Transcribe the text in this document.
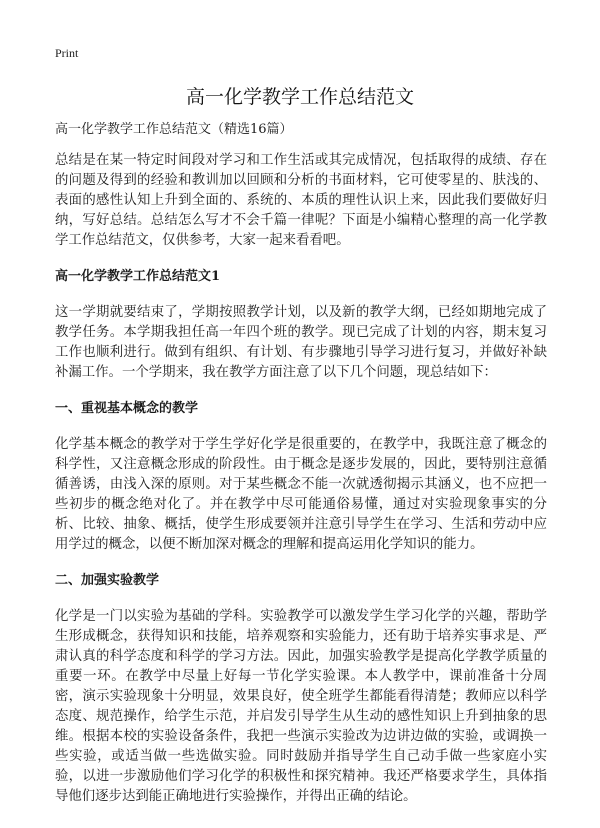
Print
高一化学教学工作总结范文

高一化学教学工作总结范文（精选16篇）

总结是在某一特定时间段对学习和工作生活或其完成情况，包括取得的成绩、存在的问题及得到的经验和教训加以回顾和分析的书面材料，它可使零星的、肤浅的、表面的感性认知上升到全面的、系统的、本质的理性认识上来，因此我们要做好归纳，写好总结。总结怎么写才不会千篇一律呢？下面是小编精心整理的高一化学教学工作总结范文，仅供参考，大家一起来看看吧。

高一化学教学工作总结范文1

这一学期就要结束了，学期按照教学计划，以及新的教学大纲，已经如期地完成了教学任务。本学期我担任高一年四个班的教学。现已完成了计划的内容，期末复习工作也顺利进行。做到有组织、有计划、有步骤地引导学习进行复习，并做好补缺补漏工作。一个学期来，我在教学方面注意了以下几个问题，现总结如下：

一、重视基本概念的教学

化学基本概念的教学对于学生学好化学是很重要的，在教学中，我既注意了概念的科学性，又注意概念形成的阶段性。由于概念是逐步发展的，因此，要特别注意循循善诱，由浅入深的原则。对于某些概念不能一次就透彻揭示其涵义，也不应把一些初步的概念绝对化了。并在教学中尽可能通俗易懂，通过对实验现象事实的分析、比较、抽象、概括，使学生形成要领并注意引导学生在学习、生活和劳动中应用学过的概念，以便不断加深对概念的理解和提高运用化学知识的能力。

二、加强实验教学

化学是一门以实验为基础的学科。实验教学可以激发学生学习化学的兴趣，帮助学生形成概念，获得知识和技能，培养观察和实验能力，还有助于培养实事求是、严肃认真的科学态度和科学的学习方法。因此，加强实验教学是提高化学教学质量的重要一环。在教学中尽量上好每一节化学实验课。本人教学中，课前准备十分周密，演示实验现象十分明显，效果良好，使全班学生都能看得清楚；教师应以科学态度、规范操作，给学生示范，并启发引导学生从生动的感性知识上升到抽象的思维。根据本校的实验设备条件，我把一些演示实验改为边讲边做的实验，或调换一些实验，或适当做一些选做实验。同时鼓励并指导学生自己动手做一些家庭小实验，以进一步激励他们学习化学的积极性和探究精神。我还严格要求学生，具体指导他们逐步达到能正确地进行实验操作，并得出正确的结论。
